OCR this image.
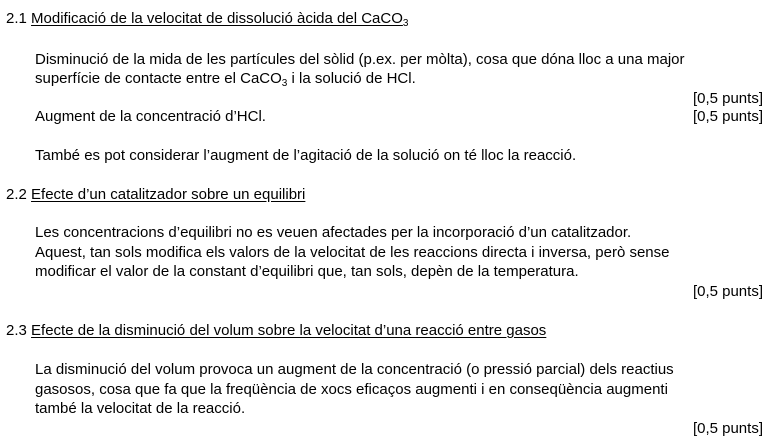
2.1 Modificació de la velocitat de dissolució àcida del CaCO$_3$
Disminució de la mida de les partícules del sòlid (p.ex. per mòlta), cosa que dóna lloc a una major
superfície de contacte entre el CaCO$_3$ i la solució de HCl.
[0,5 punts]
Augment de la concentració d’HCl.	[0,5 punts]
També es pot considerar l’augment de l’agitació de la solució on té lloc la reacció.
2.2 Efecte d’un catalitzador sobre un equilibri
Les concentracions d’equilibri no es veuen afectades per la incorporació d’un catalitzador.
Aquest, tan sols modifica els valors de la velocitat de les reaccions directa i inversa, però sense
modificar el valor de la constant d’equilibri que, tan sols, depèn de la temperatura.
[0,5 punts]
2.3 Efecte de la disminució del volum sobre la velocitat d’una reacció entre gasos
La disminució del volum provoca un augment de la concentració (o pressió parcial) dels reactius
gasosos, cosa que fa que la freqüència de xocs eficaços augmenti i en conseqüència augmenti
també la velocitat de la reacció.
[0,5 punts]
